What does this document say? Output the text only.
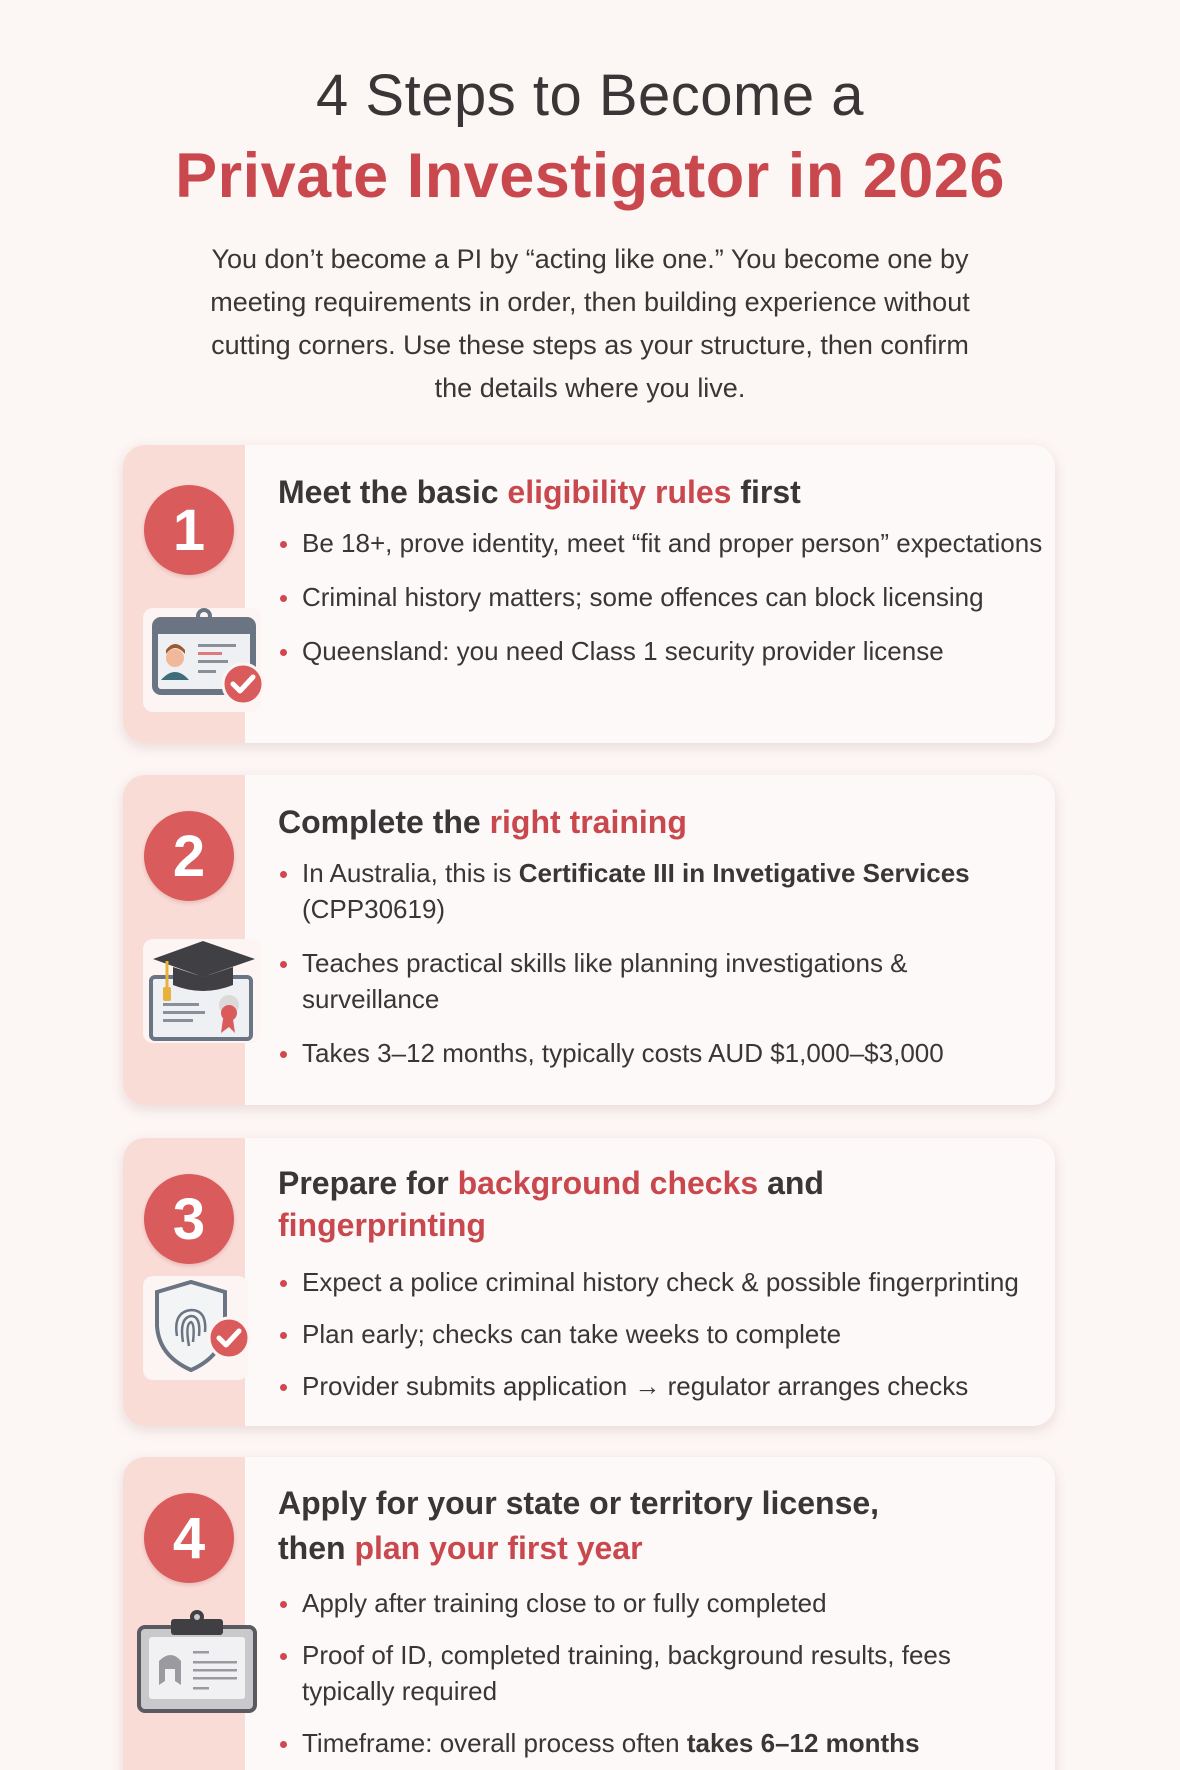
4 Steps to Become a
Private Investigator in 2026
You don’t become a PI by “acting like one.” You become one by
meeting requirements in order, then building experience without
cutting corners. Use these steps as your structure, then confirm
the details where you live.
1
Meet the basic eligibility rules first
Be 18+, prove identity, meet “fit and proper person” expectations
Criminal history matters; some offences can block licensing
Queensland: you need Class 1 security provider license
2
Complete the right training
In Australia, this is Certificate III in Invetigative Services (CPP30619)
Teaches practical skills like planning investigations & surveillance
Takes 3–12 months, typically costs AUD $1,000–$3,000
3
Prepare for background checks and
fingerprinting
Expect a police criminal history check & possible fingerprinting
Plan early; checks can take weeks to complete
Provider submits application → regulator arranges checks
4
Apply for your state or territory license, then plan your first year
Apply after training close to or fully completed
Proof of ID, completed training, background results, fees typically required
Timeframe: overall process often takes 6–12 months
